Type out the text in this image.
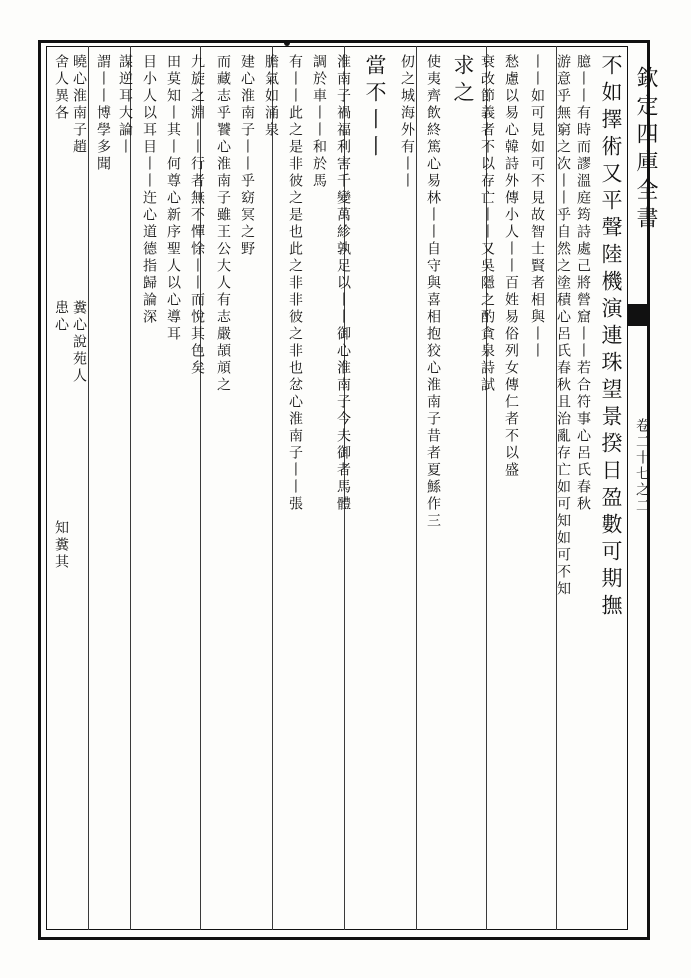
欽定四庫全書
卷二十七之二
不如擇術又平聲陸機演連珠望景揆日盈數可期撫
臆丨丨有時而謬溫庭筠詩處己將營窟丨丨若合符事心呂氏春秋
游意乎無窮之次丨丨乎自然之塗積心呂氏春秋且治亂存亡如可知如可不知
丨丨如可見如可不見故智士賢者相與丨丨
愁慮以易心韓詩外傳小人丨丨百姓易俗列女傳仁者不以盛
衰改節義者不以存亡丨丨又吳隱之酌貪泉詩試
求之
使夷齊飲終篤心易林丨丨自守與喜相抱狡心淮南子昔者夏鯀作三
仞之城海外有丨丨
當不丨丨
淮南子禍福利害千變萬紾孰足以丨丨御心淮南子今夫御者馬體
調於車丨丨和於馬
有丨丨此之是非彼之是也此之非非彼之非也忿心淮南子丨丨張
膽氣如涌泉
建心淮南子丨丨乎窈冥之野
而藏志乎饕心淮南子雖王公大人有志嚴頡頏之
九旋之淵丨丨行者無不憚悇丨丨而悅其色矣
田莫知丨其丨何尊心新序聖人以心導耳
目小人以耳目丨丨迕心道德指歸論深
謀逆耳大論丨
謂丨丨博學多聞
曉心淮南子趙
舍人異各
患心 糞心說苑人
知糞其
